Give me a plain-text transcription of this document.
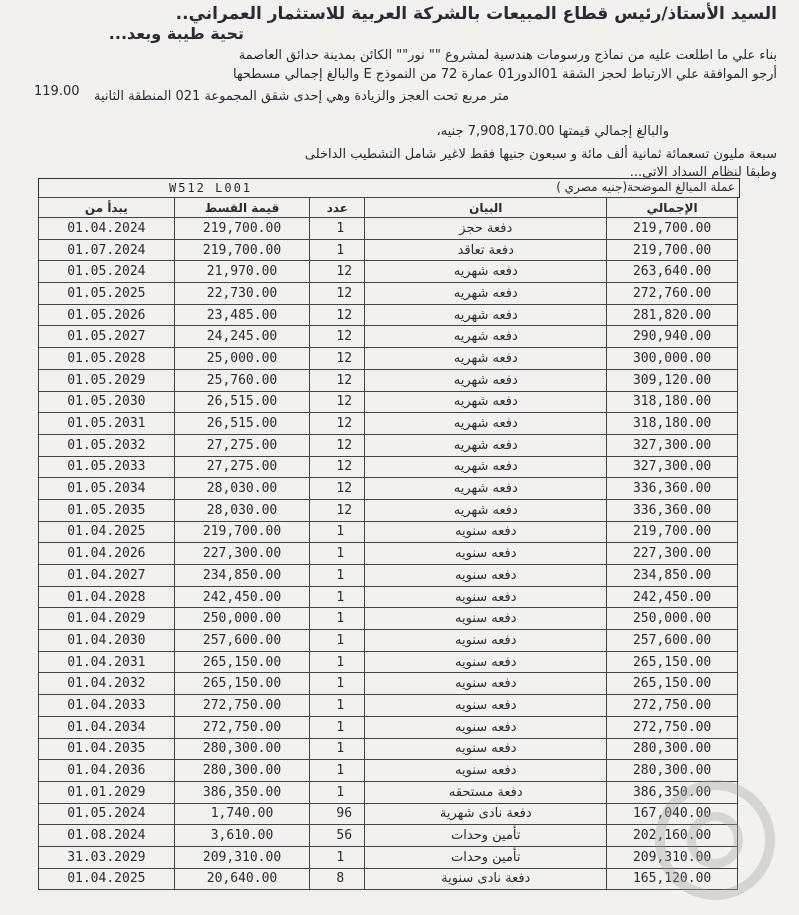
السيد الأستاذ/رئيس قطاع المبيعات بالشركة العربية للاستثمار العمراني..
تحية طيبة وبعد...
بناء علي ما اطلعت عليه من نماذج ورسومات هندسية لمشروع "" نور"" الكائن بمدينة حدائق العاصمة
أرجو الموافقة علي الارتباط لحجز الشقة 01الدور01 عمارة 72 من النموذج E والبالغ إجمالي مسطحها
119.00 متر مربع تحت العجز والزيادة وهي إحدى شقق المجموعة 021 المنطقة الثانية
والبالغ إجمالي قيمتها 7,908,170.00 جنيه،
سبعة مليون تسعمائة ثمانية ألف مائة و سبعون جنيها فقط لاغير شامل التشطيب الداخلى
وطبقا لنظام السداد الاتي...
W512 L001	عملة المبالغ الموضحة(جنيه مصري )
يبدأ من	قيمة القسط	عدد	البيان	الإجمالي
01.04.2024	219,700.00	1	دفعة حجز	219,700.00
01.07.2024	219,700.00	1	دفعة تعاقد	219,700.00
01.05.2024	21,970.00	12	دفعه شهريه	263,640.00
01.05.2025	22,730.00	12	دفعه شهريه	272,760.00
01.05.2026	23,485.00	12	دفعه شهريه	281,820.00
01.05.2027	24,245.00	12	دفعه شهريه	290,940.00
01.05.2028	25,000.00	12	دفعه شهريه	300,000.00
01.05.2029	25,760.00	12	دفعه شهريه	309,120.00
01.05.2030	26,515.00	12	دفعه شهريه	318,180.00
01.05.2031	26,515.00	12	دفعه شهريه	318,180.00
01.05.2032	27,275.00	12	دفعه شهريه	327,300.00
01.05.2033	27,275.00	12	دفعه شهريه	327,300.00
01.05.2034	28,030.00	12	دفعه شهريه	336,360.00
01.05.2035	28,030.00	12	دفعه شهريه	336,360.00
01.04.2025	219,700.00	1	دفعه سنويه	219,700.00
01.04.2026	227,300.00	1	دفعه سنويه	227,300.00
01.04.2027	234,850.00	1	دفعه سنويه	234,850.00
01.04.2028	242,450.00	1	دفعه سنويه	242,450.00
01.04.2029	250,000.00	1	دفعه سنويه	250,000.00
01.04.2030	257,600.00	1	دفعه سنويه	257,600.00
01.04.2031	265,150.00	1	دفعه سنويه	265,150.00
01.04.2032	265,150.00	1	دفعه سنويه	265,150.00
01.04.2033	272,750.00	1	دفعه سنويه	272,750.00
01.04.2034	272,750.00	1	دفعه سنويه	272,750.00
01.04.2035	280,300.00	1	دفعه سنويه	280,300.00
01.04.2036	280,300.00	1	دفعه سنويه	280,300.00
01.01.2029	386,350.00	1	دفعة مستحقه	386,350.00
01.05.2024	1,740.00	96	دفعة نادى شهرية	167,040.00
01.08.2024	3,610.00	56	تأمين وحدات	202,160.00
31.03.2029	209,310.00	1	تأمين وحدات	209,310.00
01.04.2025	20,640.00	8	دفعة نادى سنوية	165,120.00
